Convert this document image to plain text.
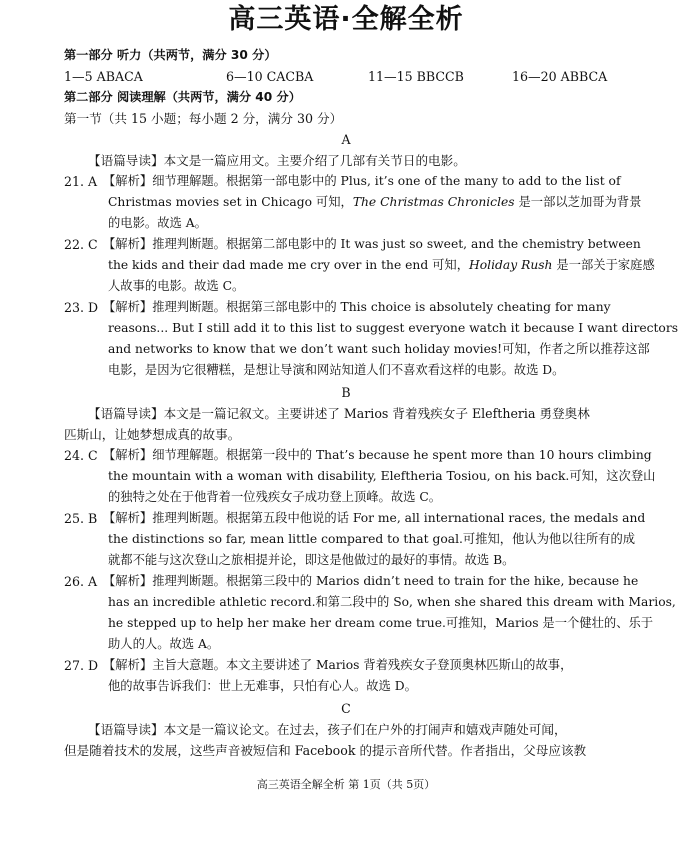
高三英语·全解全析
第一部分 听力（共两节，满分 30 分）
1—5 ABACA	6—10 CACBA	11—15 BBCCB	16—20 ABBCA
第二部分 阅读理解（共两节，满分 40 分）
第一节（共 15 小题；每小题 2 分，满分 30 分）
A
【语篇导读】本文是一篇应用文。主要介绍了几部有关节日的电影。
21. A 【解析】细节理解题。根据第一部电影中的 Plus, it’s one of the many to add to the list of
Christmas movies set in Chicago 可知，The Christmas Chronicles 是一部以芝加哥为背景
的电影。故选 A。
22. C 【解析】推理判断题。根据第二部电影中的 It was just so sweet, and the chemistry between
the kids and their dad made me cry over in the end 可知，Holiday Rush 是一部关于家庭感
人故事的电影。故选 C。
23. D 【解析】推理判断题。根据第三部电影中的 This choice is absolutely cheating for many
reasons... But I still add it to this list to suggest everyone watch it because I want directors
and networks to know that we don’t want such holiday movies!可知，作者之所以推荐这部
电影，是因为它很糟糕，是想让导演和网站知道人们不喜欢看这样的电影。故选 D。
B
【语篇导读】本文是一篇记叙文。主要讲述了 Marios 背着残疾女子 Eleftheria 勇登奥林
匹斯山，让她梦想成真的故事。
24. C 【解析】细节理解题。根据第一段中的 That’s because he spent more than 10 hours climbing
the mountain with a woman with disability, Eleftheria Tosiou, on his back.可知，这次登山
的独特之处在于他背着一位残疾女子成功登上顶峰。故选 C。
25. B 【解析】推理判断题。根据第五段中他说的话 For me, all international races, the medals and
the distinctions so far, mean little compared to that goal.可推知，他认为他以往所有的成
就都不能与这次登山之旅相提并论，即这是他做过的最好的事情。故选 B。
26. A 【解析】推理判断题。根据第三段中的 Marios didn’t need to train for the hike, because he
has an incredible athletic record.和第二段中的 So, when she shared this dream with Marios,
he stepped up to help her make her dream come true.可推知，Marios 是一个健壮的、乐于
助人的人。故选 A。
27. D 【解析】主旨大意题。本文主要讲述了 Marios 背着残疾女子登顶奥林匹斯山的故事，
他的故事告诉我们：世上无难事，只怕有心人。故选 D。
C
【语篇导读】本文是一篇议论文。在过去，孩子们在户外的打闹声和嬉戏声随处可闻，
但是随着技术的发展，这些声音被短信和 Facebook 的提示音所代替。作者指出，父母应该教
高三英语全解全析 第 1页（共 5页）
